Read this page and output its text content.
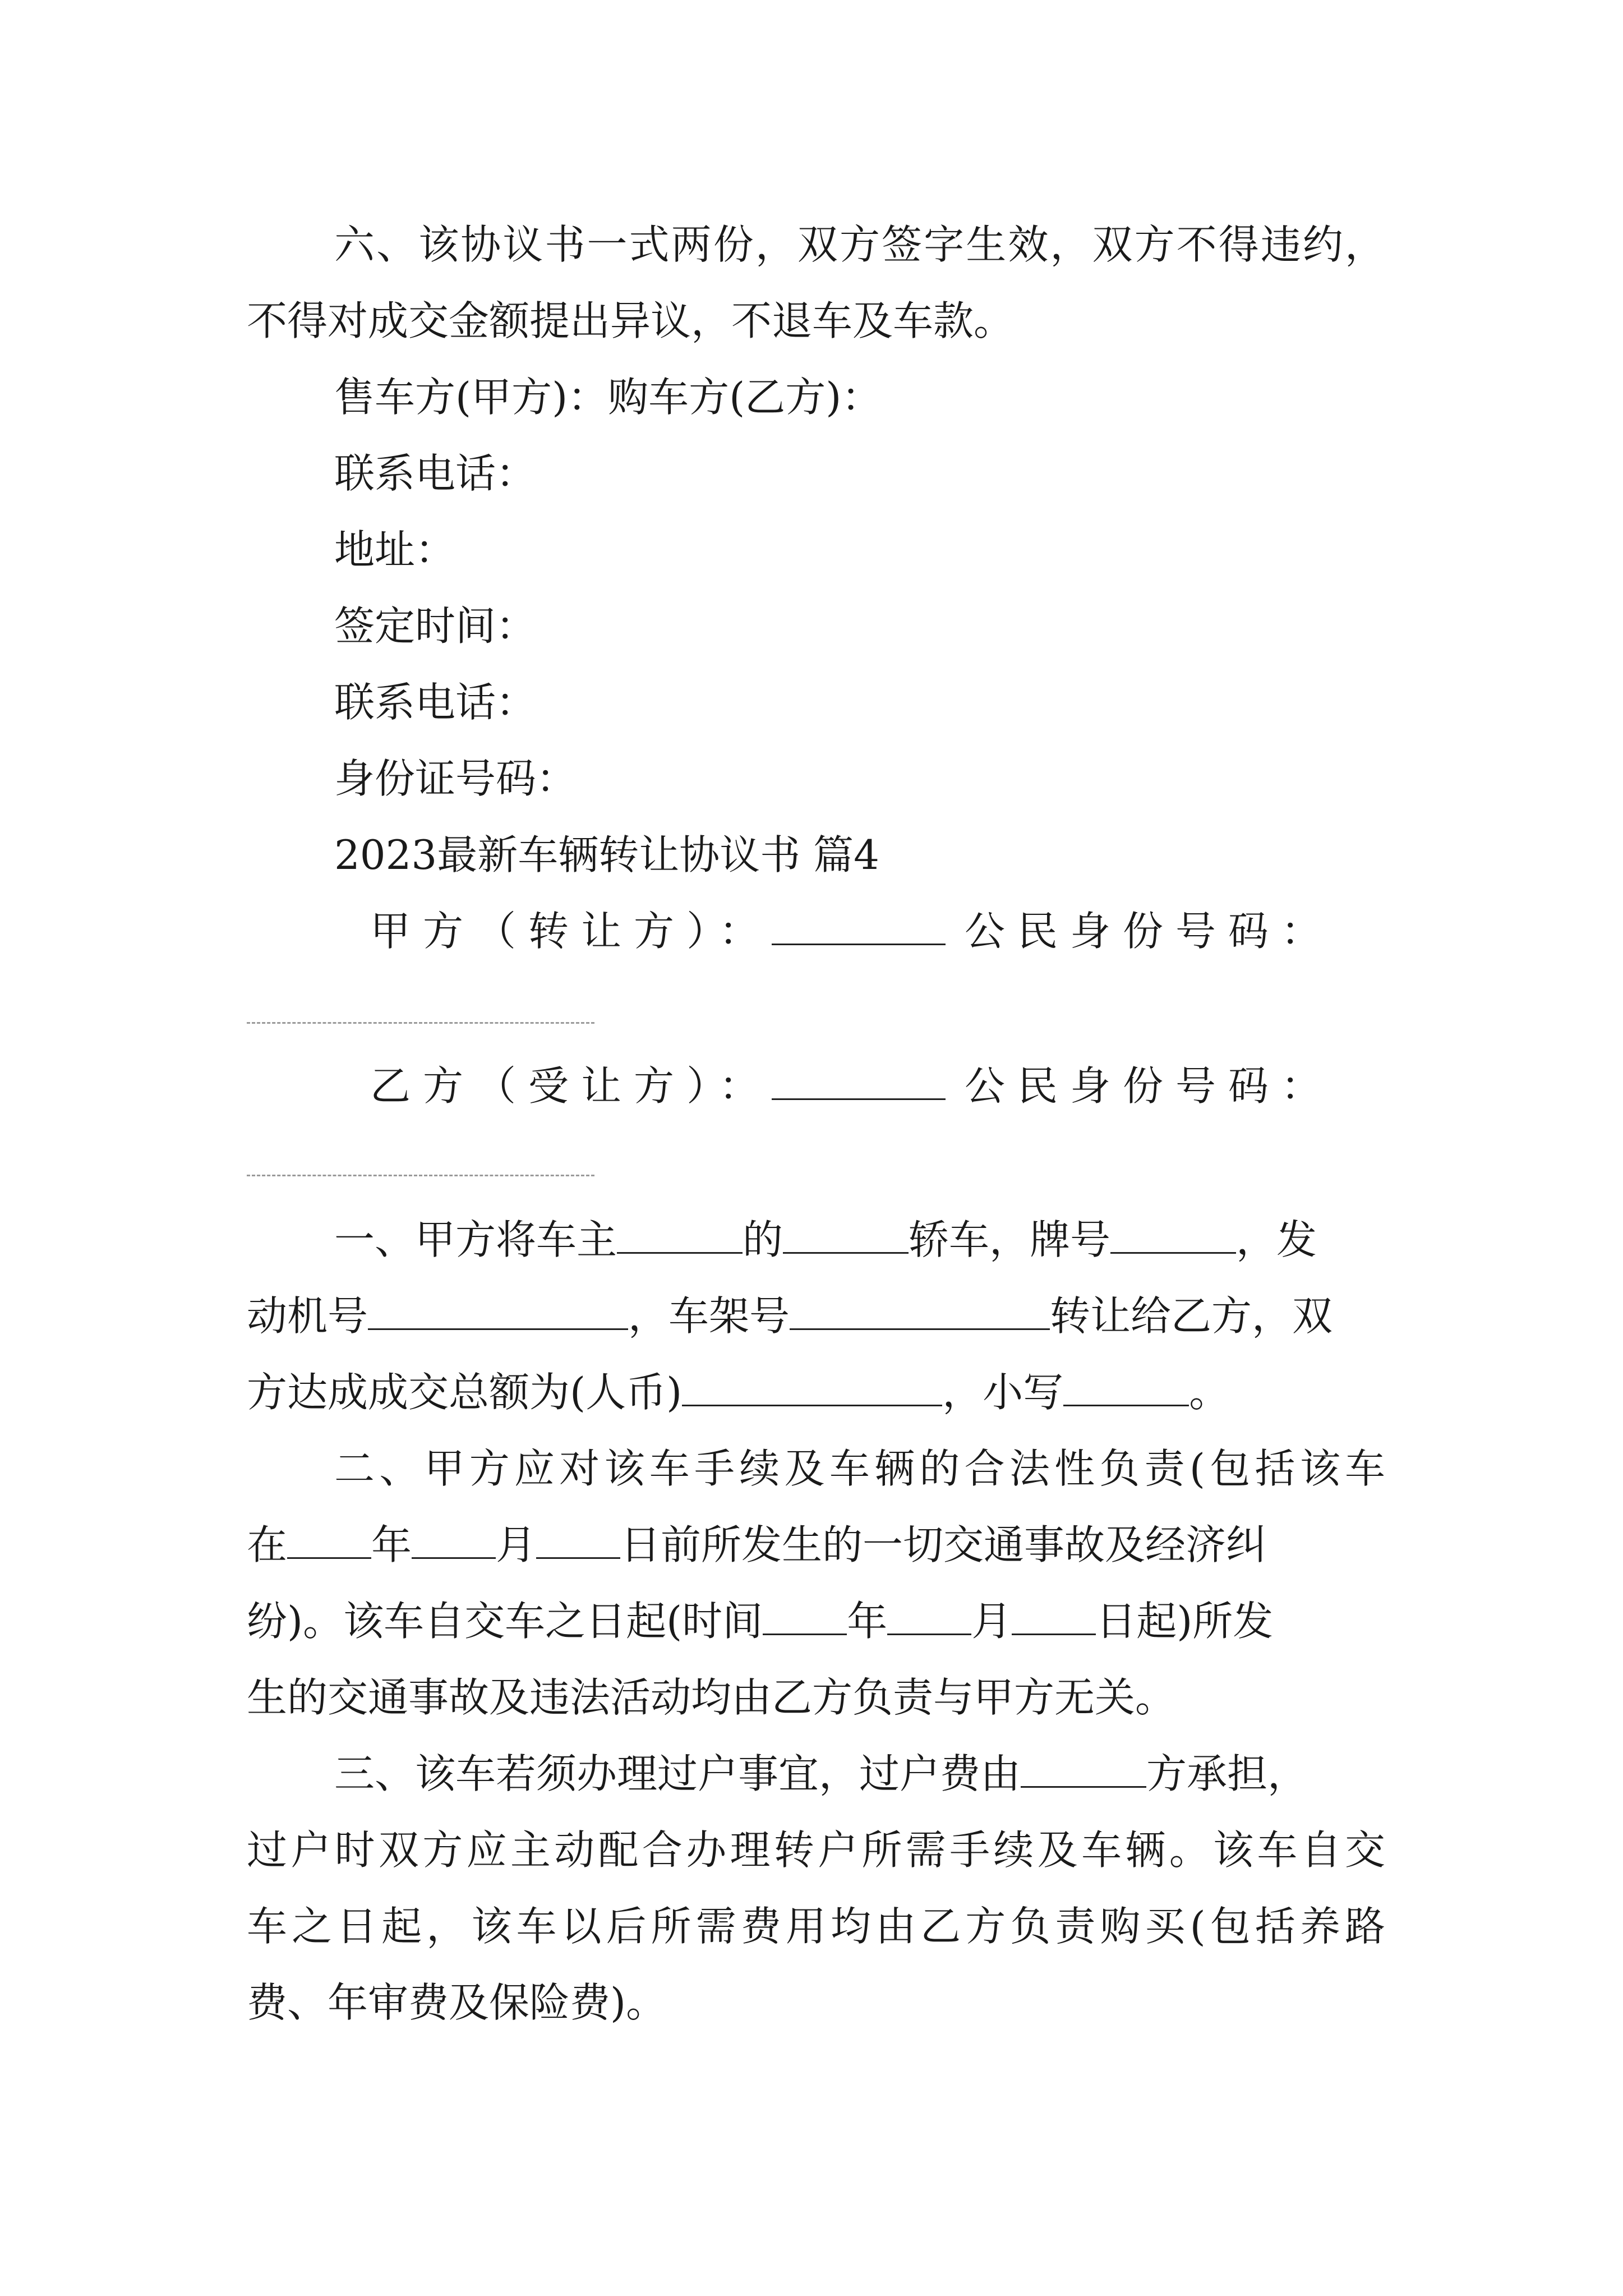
六、该协议书一式两份，双方签字生效，双方不得违约，
不得对成交金额提出异议，不退车及车款。
售车方(甲方)：购车方(乙方)：
联系电话：
地址：
签定时间：
联系电话：
身份证号码：
2023最新车辆转让协议书 篇4
甲方（转让方）：	公民身份号码：
乙方（受让方）：	公民身份号码：
一、甲方将车主	的	轿车，牌号	，发
动机号	，车架号	转让给乙方，双
方达成成交总额为(人币)	，小写	。
二、甲方应对该车手续及车辆的合法性负责(包括该车
在 年 月 日前所发生的一切交通事故及经济纠
纷)。该车自交车之日起(时间 年 月 日起)所发
生的交通事故及违法活动均由乙方负责与甲方无关。
三、该车若须办理过户事宜，过户费由	方承担，
过户时双方应主动配合办理转户所需手续及车辆。该车自交
车之日起，该车以后所需费用均由乙方负责购买(包括养路
费、年审费及保险费)。
